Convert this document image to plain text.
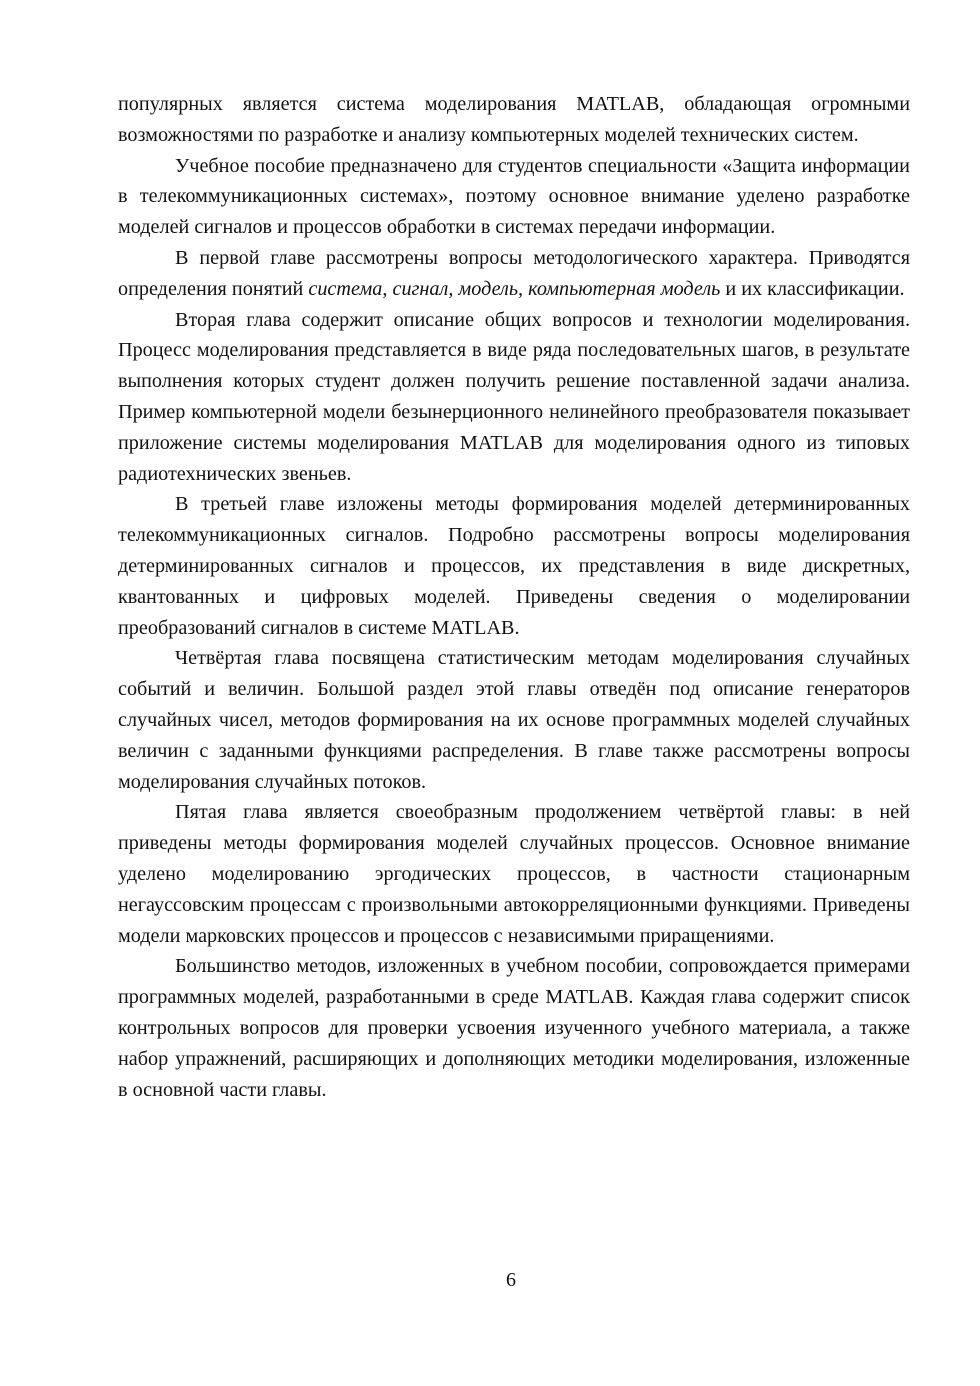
популярных является система моделирования MATLAB, обладающая огромными возможностями по разработке и анализу компьютерных моделей технических систем.

Учебное пособие предназначено для студентов специальности «Защита информации в телекоммуникационных системах», поэтому основное внимание уделено разработке моделей сигналов и процессов обработки в системах передачи информации.

В первой главе рассмотрены вопросы методологического характера. Приводятся определения понятий система, сигнал, модель, компьютерная модель и их классификации.

Вторая глава содержит описание общих вопросов и технологии моделирования. Процесс моделирования представляется в виде ряда последовательных шагов, в результате выполнения которых студент должен получить решение поставленной задачи анализа. Пример компьютерной модели безынерционного нелинейного преобразователя показывает приложение системы моделирования MATLAB для моделирования одного из типовых радиотехнических звеньев.

В третьей главе изложены методы формирования моделей детерминированных телекоммуникационных сигналов. Подробно рассмотрены вопросы моделирования детерминированных сигналов и процессов, их представления в виде дискретных, квантованных и цифровых моделей. Приведены сведения о моделировании преобразований сигналов в системе MATLAB.

Четвёртая глава посвящена статистическим методам моделирования случайных событий и величин. Большой раздел этой главы отведён под описание генераторов случайных чисел, методов формирования на их основе программных моделей случайных величин с заданными функциями распределения. В главе также рассмотрены вопросы моделирования случайных потоков.

Пятая глава является своеобразным продолжением четвёртой главы: в ней приведены методы формирования моделей случайных процессов. Основное внимание уделено моделированию эргодических процессов, в частности стационарным негауссовским процессам с произвольными автокорреляционными функциями. Приведены модели марковских процессов и процессов с независимыми приращениями.

Большинство методов, изложенных в учебном пособии, сопровождается примерами программных моделей, разработанными в среде MATLAB. Каждая глава содержит список контрольных вопросов для проверки усвоения изученного учебного материала, а также набор упражнений, расширяющих и дополняющих методики моделирования, изложенные в основной части главы.

6
